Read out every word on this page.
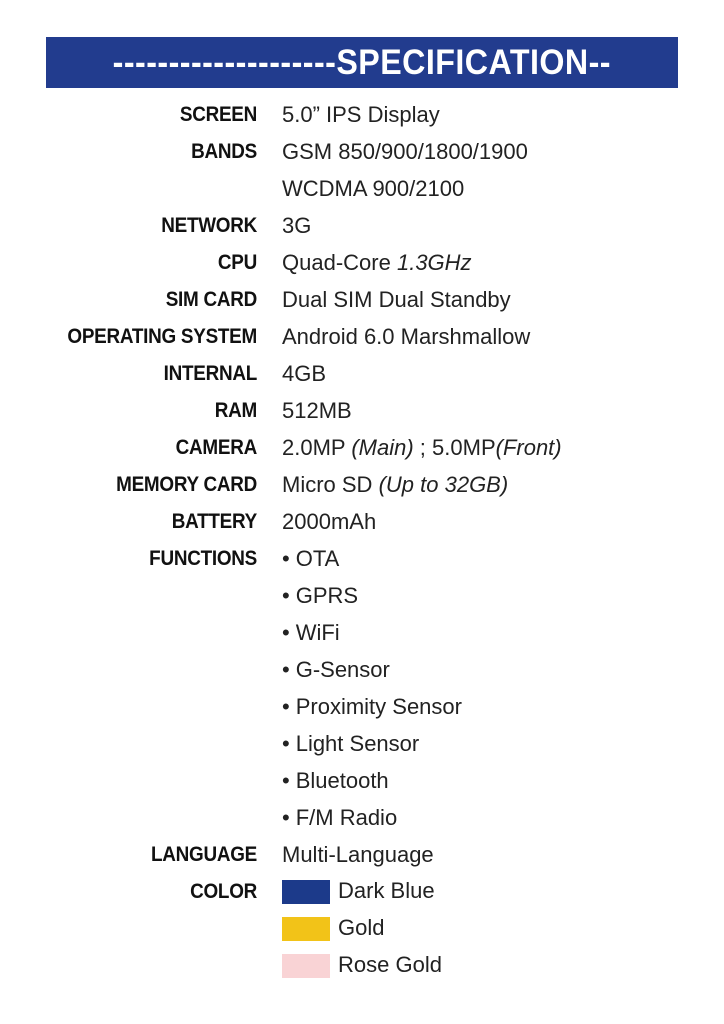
--------------------SPECIFICATION--
SCREEN 5.0” IPS Display
BANDS GSM 850/900/1800/1900
WCDMA 900/2100
NETWORK 3G
CPU Quad-Core 1.3GHz
SIM CARD Dual SIM Dual Standby
OPERATING SYSTEM Android 6.0 Marshmallow
INTERNAL 4GB
RAM 512MB
CAMERA 2.0MP (Main) ; 5.0MP(Front)
MEMORY CARD Micro SD (Up to 32GB)
BATTERY 2000mAh
FUNCTIONS • OTA
• GPRS
• WiFi
• G-Sensor
• Proximity Sensor
• Light Sensor
• Bluetooth
• F/M Radio
LANGUAGE Multi-Language
COLOR	Dark Blue
Gold
Rose Gold
